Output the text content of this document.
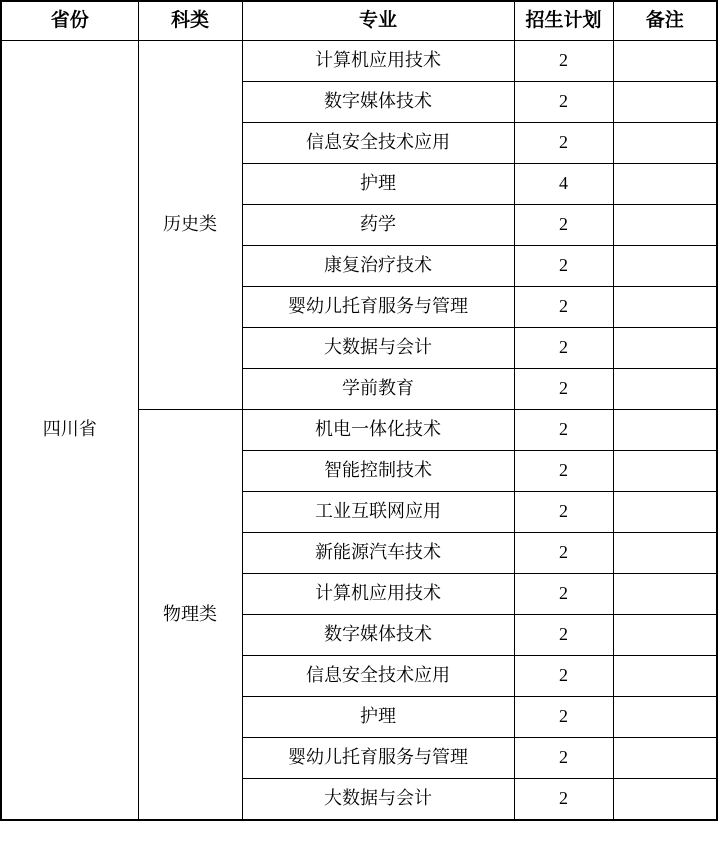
省份	科类	专业	招生计划	备注
四川省	历史类	计算机应用技术	2	
		数字媒体技术	2	
		信息安全技术应用	2	
		护理	4	
		药学	2	
		康复治疗技术	2	
		婴幼儿托育服务与管理	2	
		大数据与会计	2	
		学前教育	2	
	物理类	机电一体化技术	2	
		智能控制技术	2	
		工业互联网应用	2	
		新能源汽车技术	2	
		计算机应用技术	2	
		数字媒体技术	2	
		信息安全技术应用	2	
		护理	2	
		婴幼儿托育服务与管理	2	
		大数据与会计	2	
